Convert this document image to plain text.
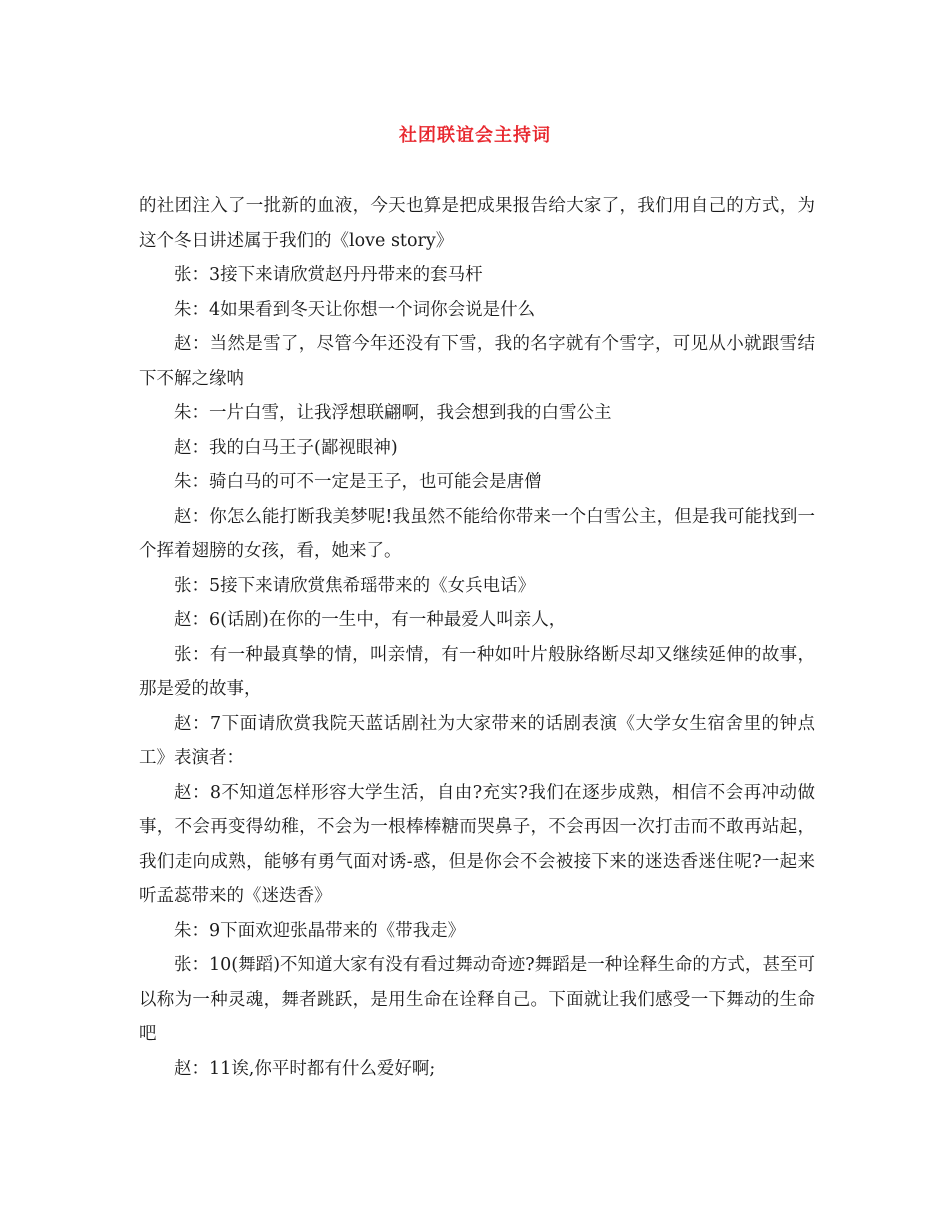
社团联谊会主持词

的社团注入了一批新的血液，今天也算是把成果报告给大家了，我们用自己的方式，为这个冬日讲述属于我们的《love story》

张：3接下来请欣赏赵丹丹带来的套马杆

朱：4如果看到冬天让你想一个词你会说是什么

赵：当然是雪了，尽管今年还没有下雪，我的名字就有个雪字，可见从小就跟雪结下不解之缘呐

朱：一片白雪，让我浮想联翩啊，我会想到我的白雪公主

赵：我的白马王子(鄙视眼神)

朱：骑白马的可不一定是王子，也可能会是唐僧

赵：你怎么能打断我美梦呢!我虽然不能给你带来一个白雪公主，但是我可能找到一个挥着翅膀的女孩，看，她来了。

张：5接下来请欣赏焦希瑶带来的《女兵电话》

赵：6(话剧)在你的一生中，有一种最爱人叫亲人，

张：有一种最真挚的情，叫亲情，有一种如叶片般脉络断尽却又继续延伸的故事，那是爱的故事，

赵：7下面请欣赏我院天蓝话剧社为大家带来的话剧表演《大学女生宿舍里的钟点工》表演者：

赵：8不知道怎样形容大学生活，自由?充实?我们在逐步成熟，相信不会再冲动做事，不会再变得幼稚，不会为一根棒棒糖而哭鼻子，不会再因一次打击而不敢再站起，我们走向成熟，能够有勇气面对诱-惑，但是你会不会被接下来的迷迭香迷住呢?一起来听孟蕊带来的《迷迭香》

朱：9下面欢迎张晶带来的《带我走》

张：10(舞蹈)不知道大家有没有看过舞动奇迹?舞蹈是一种诠释生命的方式，甚至可以称为一种灵魂，舞者跳跃，是用生命在诠释自己。下面就让我们感受一下舞动的生命吧

赵：11诶,你平时都有什么爱好啊;
